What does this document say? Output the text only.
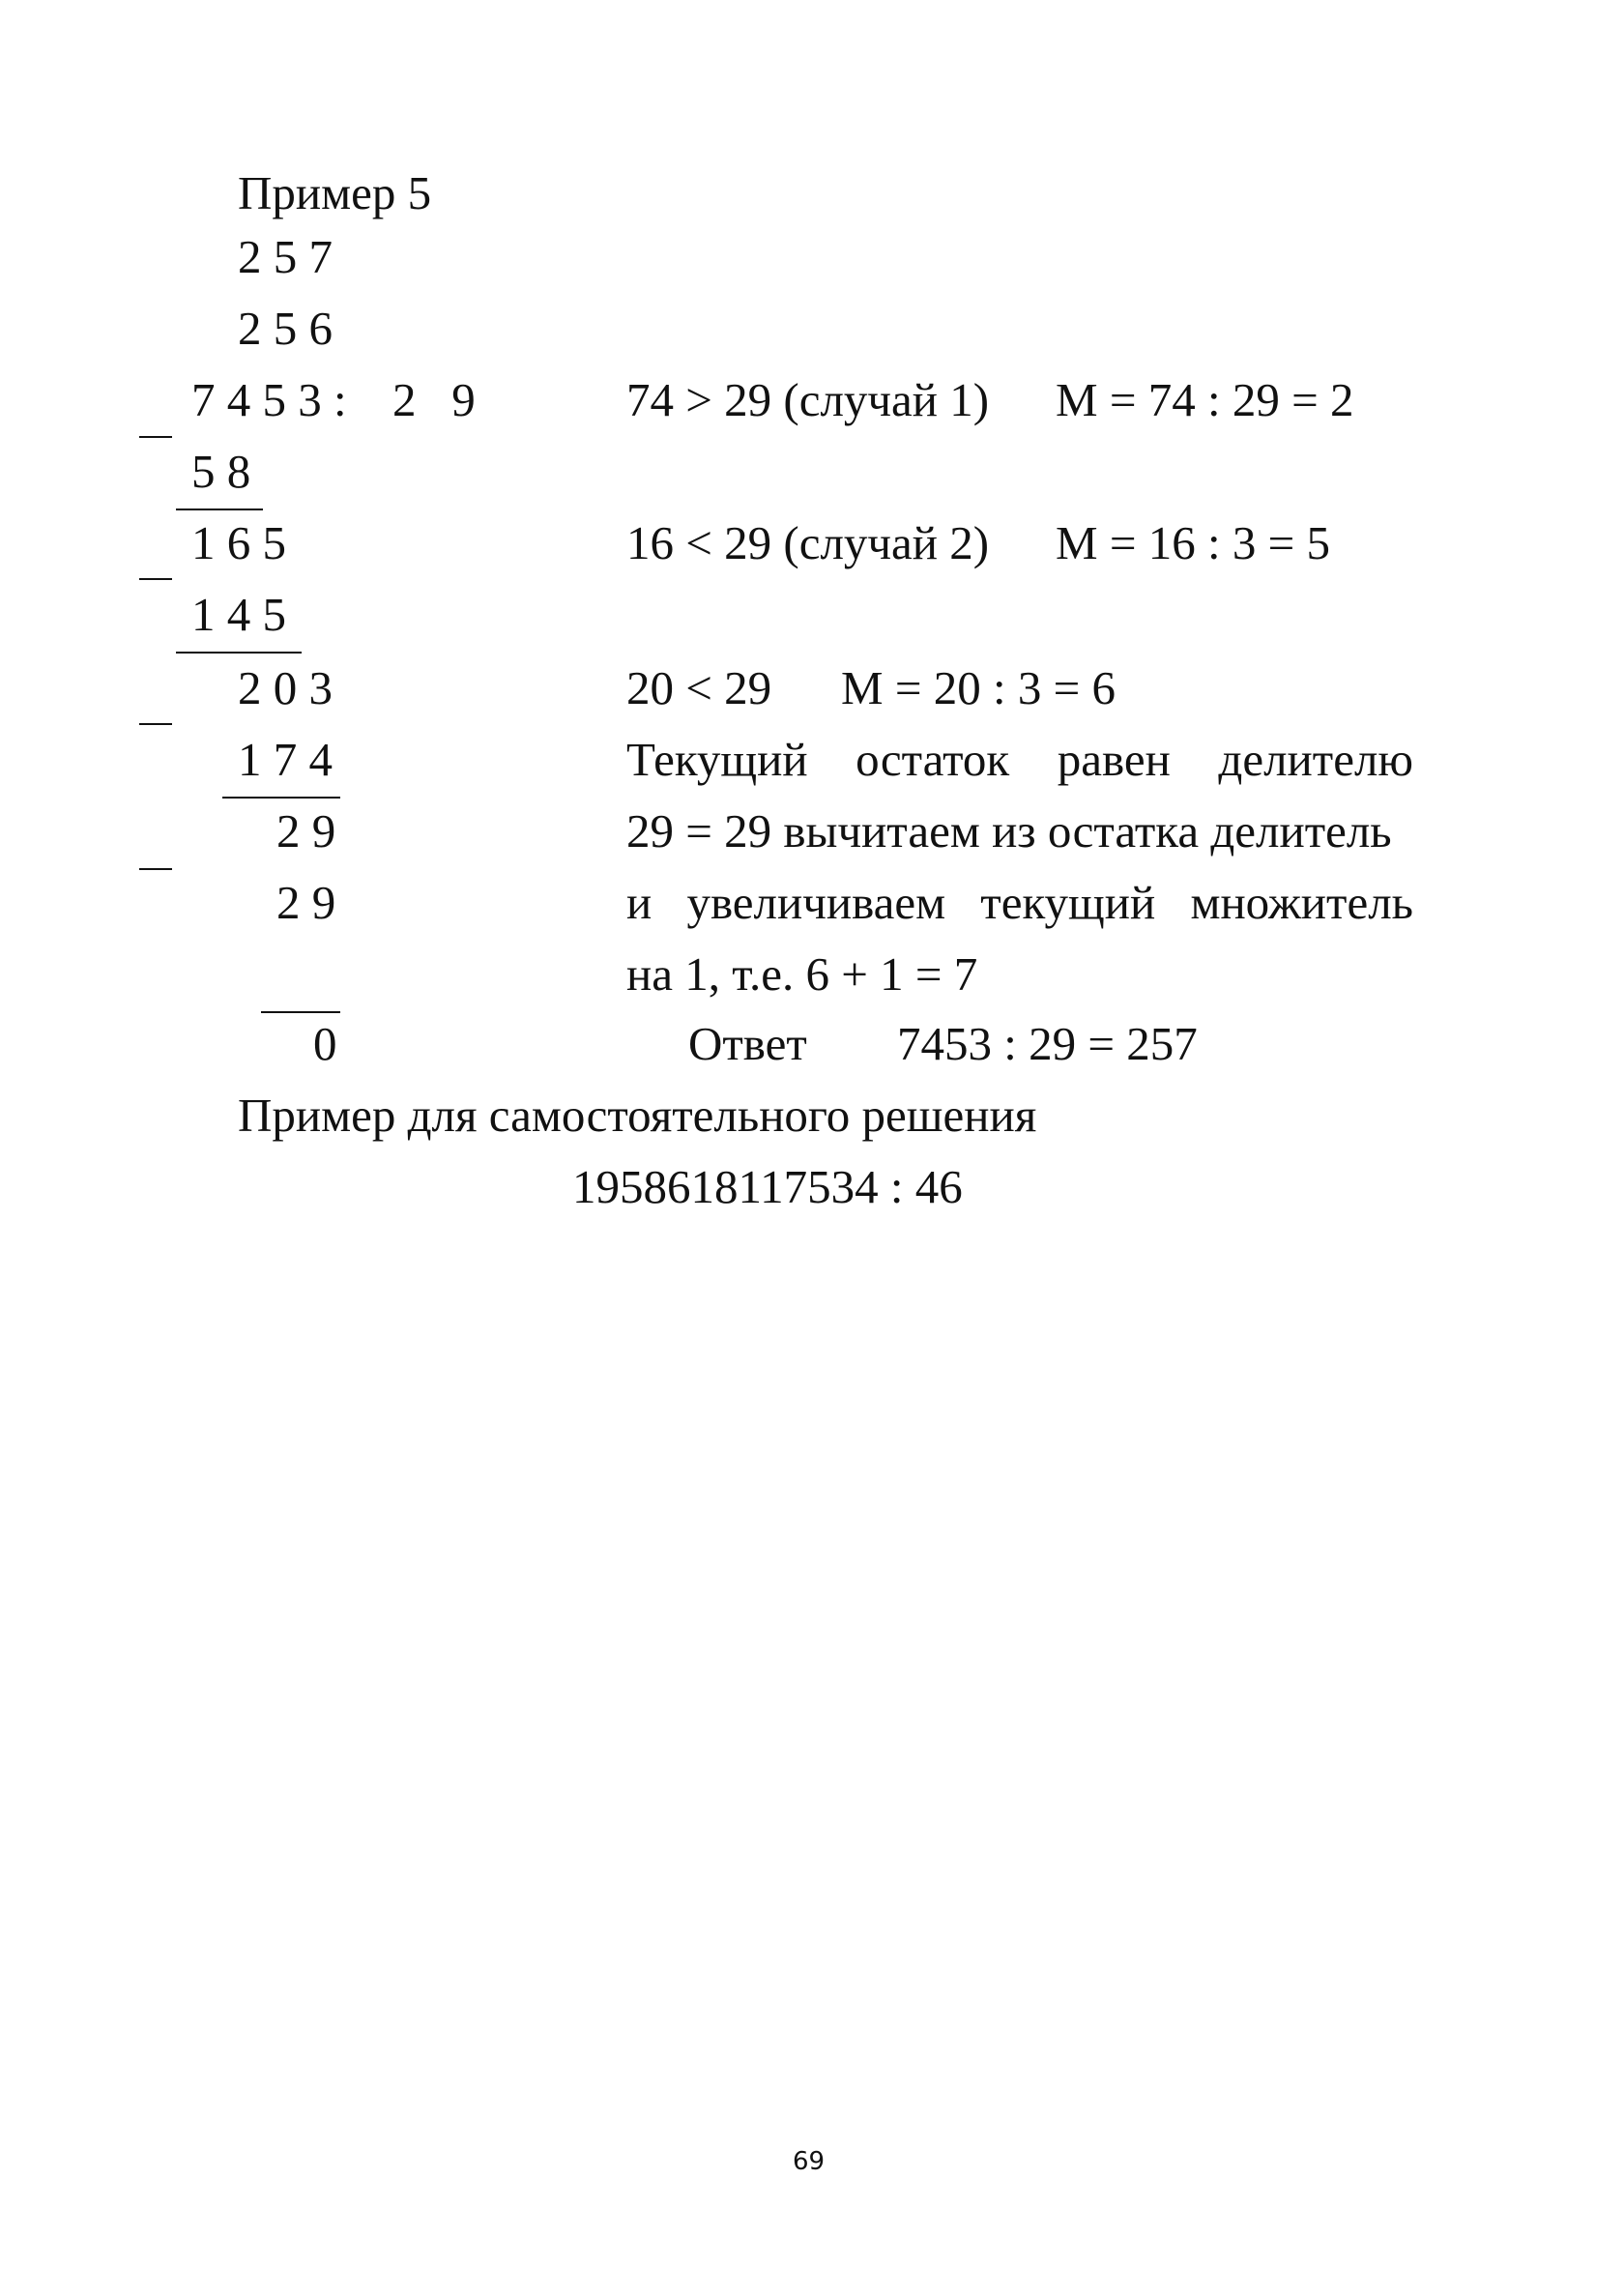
Пример 5
2 5 7
2 5 6
7 4 5 3 : 2   9
5 8
1 6 5
1 4 5
2 0 3
1 7 4
2 9
2 9
0
74 > 29 (случай 1) M = 74 : 29 = 2
16 < 29 (случай 2) M = 16 : 3 = 5
20 < 29 M = 20 : 3 = 6
Текущий остаток равен делителю
29 = 29 вычитаем из остатка делитель
и увеличиваем текущий множитель
на 1, т.е. 6 + 1 = 7
Ответ 7453 : 29 = 257
Пример для самостоятельного решения
1958618117534 : 46
69
